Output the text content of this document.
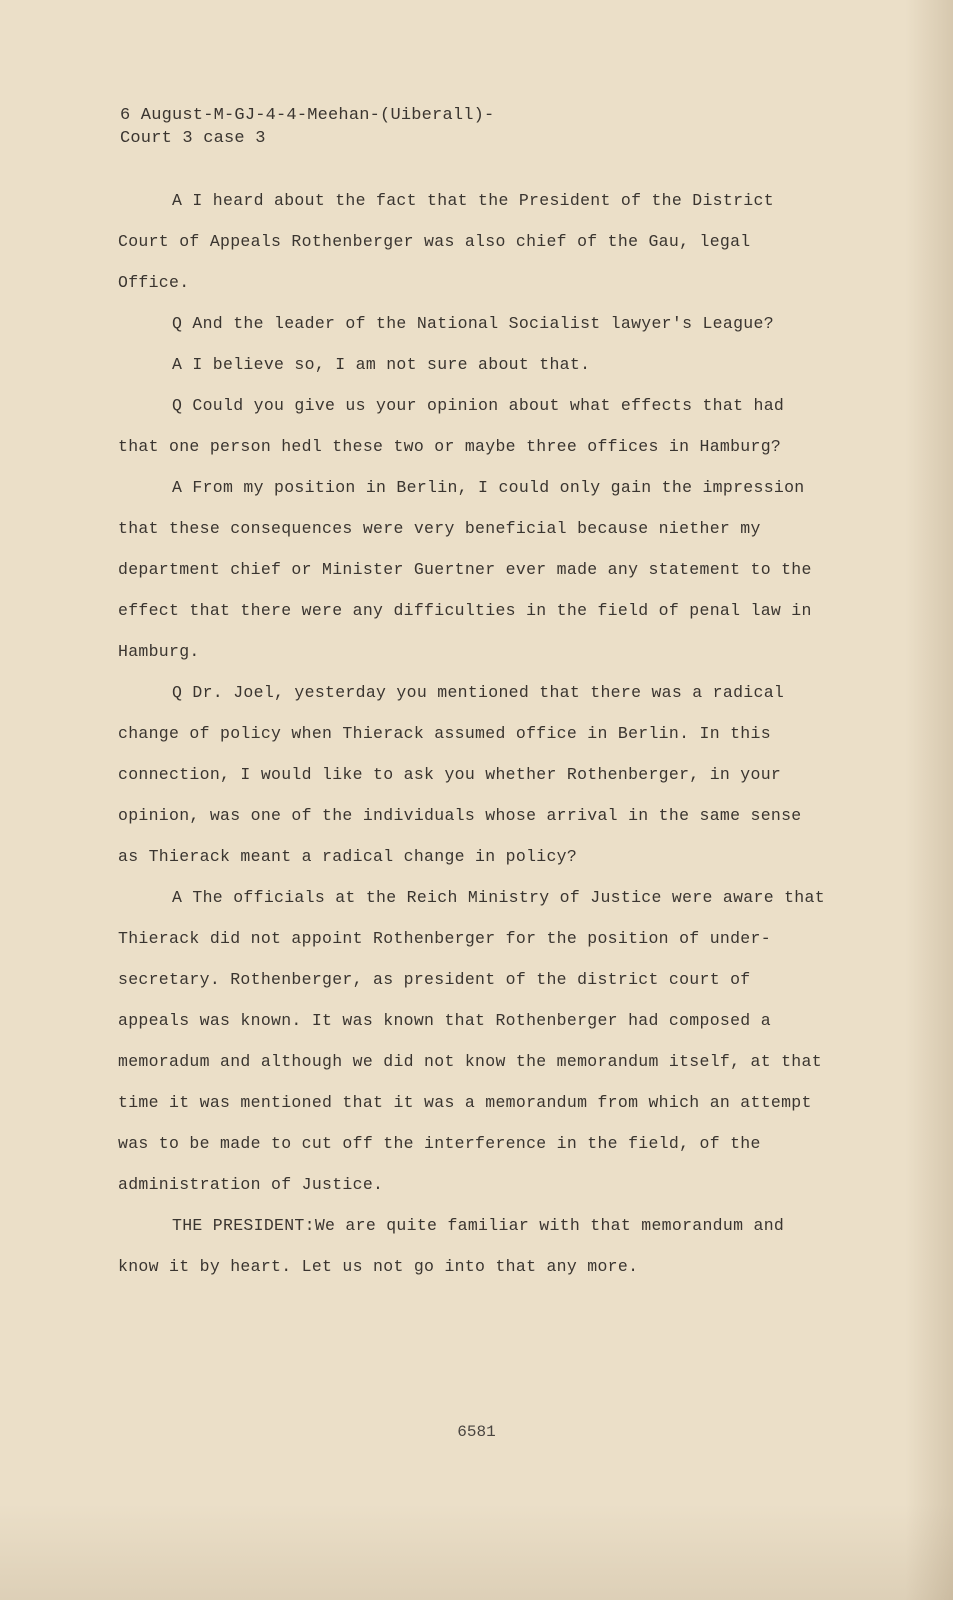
6 August-M-GJ-4-4-Meehan-(Uiberall)-
Court 3 case 3

A I heard about the fact that the President of the District Court of Appeals Rothenberger was also chief of the Gau, legal Office.

Q And the leader of the National Socialist lawyer's League?

A I believe so, I am not sure about that.

Q Could you give us your opinion about what effects that had that one person hedl these two or maybe three offices in Hamburg?

A From my position in Berlin, I could only gain the impression that these consequences were very beneficial because niether my department chief or Minister Guertner ever made any statement to the effect that there were any difficulties in the field of penal law in Hamburg.

Q Dr. Joel, yesterday you mentioned that there was a radical change of policy when Thierack assumed office in Berlin. In this connection, I would like to ask you whether Rothenberger, in your opinion, was one of the individuals whose arrival in the same sense as Thierack meant a radical change in policy?

A The officials at the Reich Ministry of Justice were aware that Thierack did not appoint Rothenberger for the position of under-secretary. Rothenberger, as president of the district court of appeals was known. It was known that Rothenberger had composed a memoradum and although we did not know the memorandum itself, at that time it was mentioned that it was a memorandum from which an attempt was to be made to cut off the interference in the field, of the administration of Justice.

THE PRESIDENT:We are quite familiar with that memorandum and know it by heart. Let us not go into that any more.

6581
